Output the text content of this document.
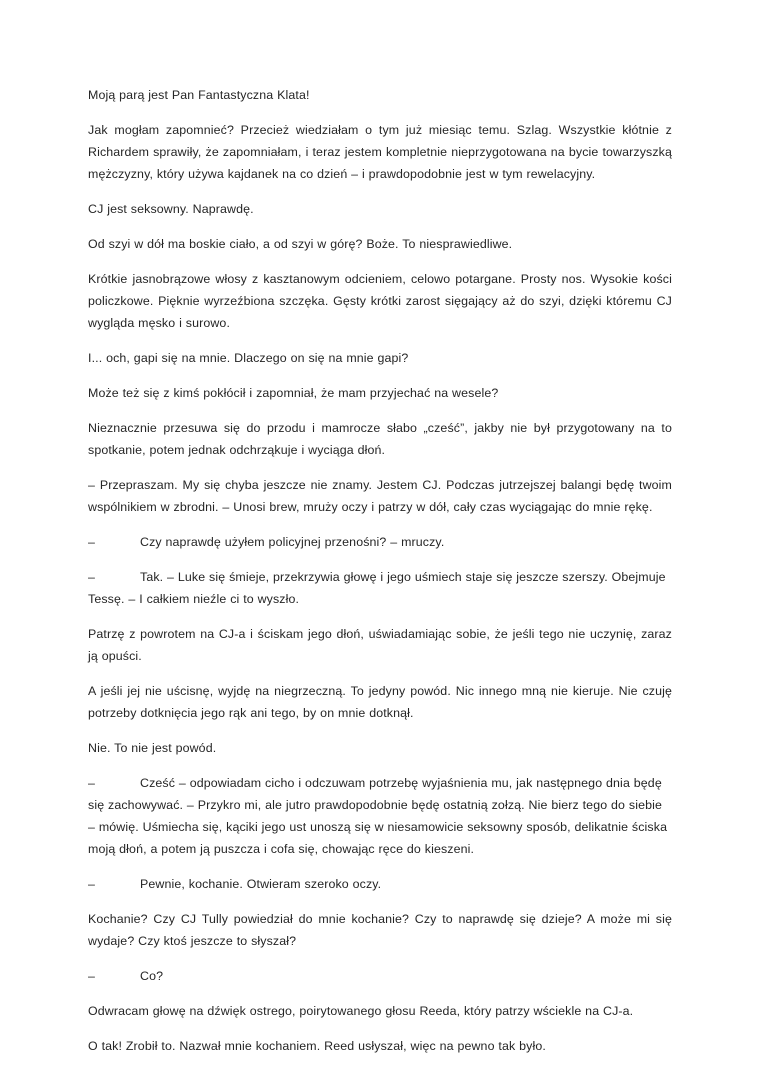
Moją parą jest Pan Fantastyczna Klata!

Jak mogłam zapomnieć? Przecież wiedziałam o tym już miesiąc temu. Szlag. Wszystkie kłótnie z Richardem sprawiły, że zapomniałam, i teraz jestem kompletnie nieprzygotowana na bycie towarzyszką mężczyzny, który używa kajdanek na co dzień – i prawdopodobnie jest w tym rewelacyjny.

CJ jest seksowny. Naprawdę.

Od szyi w dół ma boskie ciało, a od szyi w górę? Boże. To niesprawiedliwe.

Krótkie jasnobrązowe włosy z kasztanowym odcieniem, celowo potargane. Prosty nos. Wysokie kości policzkowe. Pięknie wyrzeźbiona szczęka. Gęsty krótki zarost sięgający aż do szyi, dzięki któremu CJ wygląda męsko i surowo.

I... och, gapi się na mnie. Dlaczego on się na mnie gapi?

Może też się z kimś pokłócił i zapomniał, że mam przyjechać na wesele?

Nieznacznie przesuwa się do przodu i mamrocze słabo „cześć”, jakby nie był przygotowany na to spotkanie, potem jednak odchrząkuje i wyciąga dłoń.

– Przepraszam. My się chyba jeszcze nie znamy. Jestem CJ. Podczas jutrzejszej balangi będę twoim wspólnikiem w zbrodni. – Unosi brew, mruży oczy i patrzy w dół, cały czas wyciągając do mnie rękę.

–	Czy naprawdę użyłem policyjnej przenośni? – mruczy.

–	Tak. – Luke się śmieje, przekrzywia głowę i jego uśmiech staje się jeszcze szerszy. Obejmuje Tessę. – I całkiem nieźle ci to wyszło.

Patrzę z powrotem na CJ-a i ściskam jego dłoń, uświadamiając sobie, że jeśli tego nie uczynię, zaraz ją opuści.

A jeśli jej nie uścisnę, wyjdę na niegrzeczną. To jedyny powód. Nic innego mną nie kieruje. Nie czuję potrzeby dotknięcia jego rąk ani tego, by on mnie dotknął.

Nie. To nie jest powód.

–	Cześć – odpowiadam cicho i odczuwam potrzebę wyjaśnienia mu, jak następnego dnia będę się zachowywać. – Przykro mi, ale jutro prawdopodobnie będę ostatnią zołzą. Nie bierz tego do siebie – mówię. Uśmiecha się, kąciki jego ust unoszą się w niesamowicie seksowny sposób, delikatnie ściska moją dłoń, a potem ją puszcza i cofa się, chowając ręce do kieszeni.

–	Pewnie, kochanie. Otwieram szeroko oczy.

Kochanie? Czy CJ Tully powiedział do mnie kochanie? Czy to naprawdę się dzieje? A może mi się wydaje? Czy ktoś jeszcze to słyszał?

–	Co?

Odwracam głowę na dźwięk ostrego, poirytowanego głosu Reeda, który patrzy wściekle na CJ-a.

O tak! Zrobił to. Nazwał mnie kochaniem. Reed usłyszał, więc na pewno tak było.
